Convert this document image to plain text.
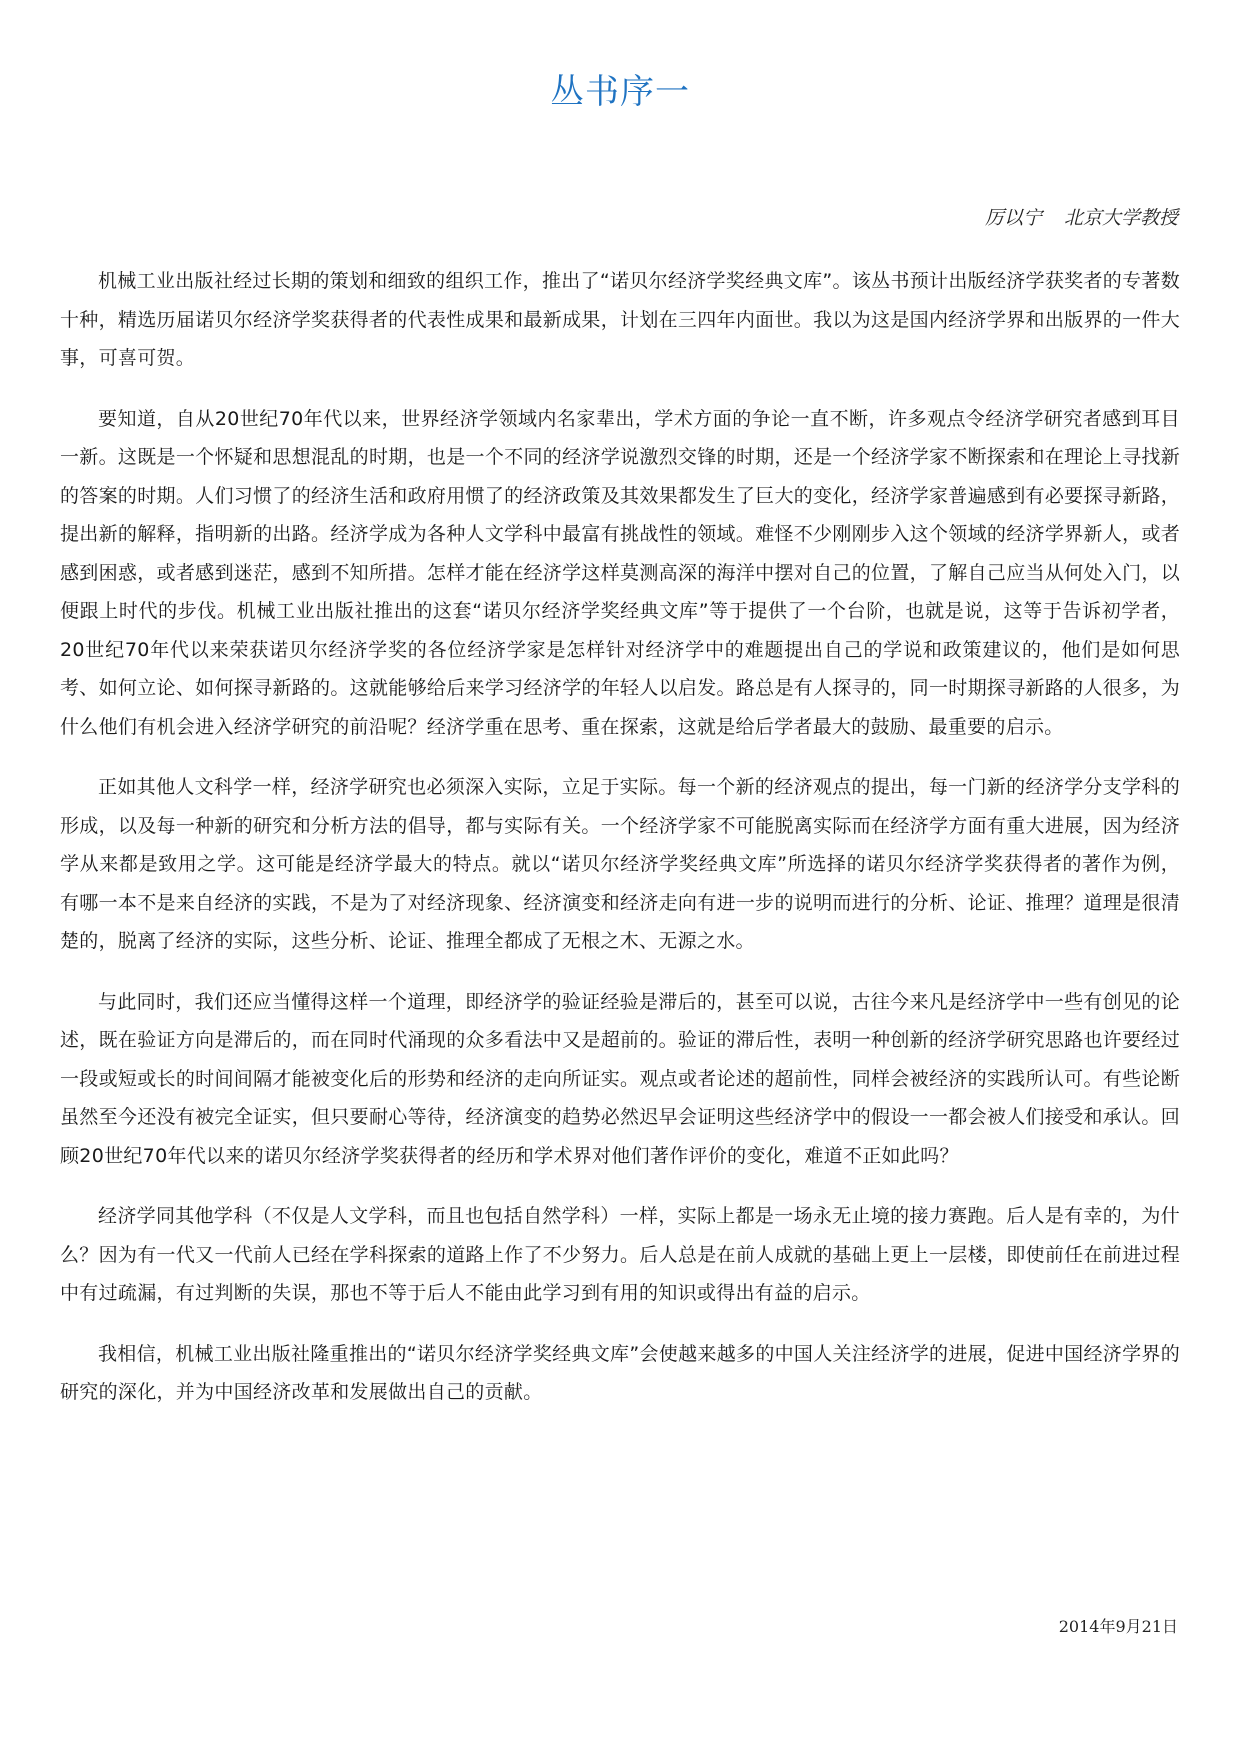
丛书序一
厉以宁 北京大学教授

机械工业出版社经过长期的策划和细致的组织工作，推出了“诺贝尔经济学奖经典文库”。该丛书预计出版经济学获奖者的专著数十种，精选历届诺贝尔经济学奖获得者的代表性成果和最新成果，计划在三四年内面世。我以为这是国内经济学界和出版界的一件大事，可喜可贺。

要知道，自从20世纪70年代以来，世界经济学领域内名家辈出，学术方面的争论一直不断，许多观点令经济学研究者感到耳目一新。这既是一个怀疑和思想混乱的时期，也是一个不同的经济学说激烈交锋的时期，还是一个经济学家不断探索和在理论上寻找新的答案的时期。人们习惯了的经济生活和政府用惯了的经济政策及其效果都发生了巨大的变化，经济学家普遍感到有必要探寻新路，提出新的解释，指明新的出路。经济学成为各种人文学科中最富有挑战性的领域。难怪不少刚刚步入这个领域的经济学界新人，或者感到困惑，或者感到迷茫，感到不知所措。怎样才能在经济学这样莫测高深的海洋中摆对自己的位置，了解自己应当从何处入门，以便跟上时代的步伐。机械工业出版社推出的这套“诺贝尔经济学奖经典文库”等于提供了一个台阶，也就是说，这等于告诉初学者，20世纪70年代以来荣获诺贝尔经济学奖的各位经济学家是怎样针对经济学中的难题提出自己的学说和政策建议的，他们是如何思考、如何立论、如何探寻新路的。这就能够给后来学习经济学的年轻人以启发。路总是有人探寻的，同一时期探寻新路的人很多，为什么他们有机会进入经济学研究的前沿呢？经济学重在思考、重在探索，这就是给后学者最大的鼓励、最重要的启示。

正如其他人文科学一样，经济学研究也必须深入实际，立足于实际。每一个新的经济观点的提出，每一门新的经济学分支学科的形成，以及每一种新的研究和分析方法的倡导，都与实际有关。一个经济学家不可能脱离实际而在经济学方面有重大进展，因为经济学从来都是致用之学。这可能是经济学最大的特点。就以“诺贝尔经济学奖经典文库”所选择的诺贝尔经济学奖获得者的著作为例，有哪一本不是来自经济的实践，不是为了对经济现象、经济演变和经济走向有进一步的说明而进行的分析、论证、推理？道理是很清楚的，脱离了经济的实际，这些分析、论证、推理全都成了无根之木、无源之水。

与此同时，我们还应当懂得这样一个道理，即经济学的验证经验是滞后的，甚至可以说，古往今来凡是经济学中一些有创见的论述，既在验证方向是滞后的，而在同时代涌现的众多看法中又是超前的。验证的滞后性，表明一种创新的经济学研究思路也许要经过一段或短或长的时间间隔才能被变化后的形势和经济的走向所证实。观点或者论述的超前性，同样会被经济的实践所认可。有些论断虽然至今还没有被完全证实，但只要耐心等待，经济演变的趋势必然迟早会证明这些经济学中的假设一一都会被人们接受和承认。回顾20世纪70年代以来的诺贝尔经济学奖获得者的经历和学术界对他们著作评价的变化，难道不正如此吗？

经济学同其他学科（不仅是人文学科，而且也包括自然学科）一样，实际上都是一场永无止境的接力赛跑。后人是有幸的，为什么？因为有一代又一代前人已经在学科探索的道路上作了不少努力。后人总是在前人成就的基础上更上一层楼，即使前任在前进过程中有过疏漏，有过判断的失误，那也不等于后人不能由此学习到有用的知识或得出有益的启示。

我相信，机械工业出版社隆重推出的“诺贝尔经济学奖经典文库”会使越来越多的中国人关注经济学的进展，促进中国经济学界的研究的深化，并为中国经济改革和发展做出自己的贡献。

2014年9月21日
